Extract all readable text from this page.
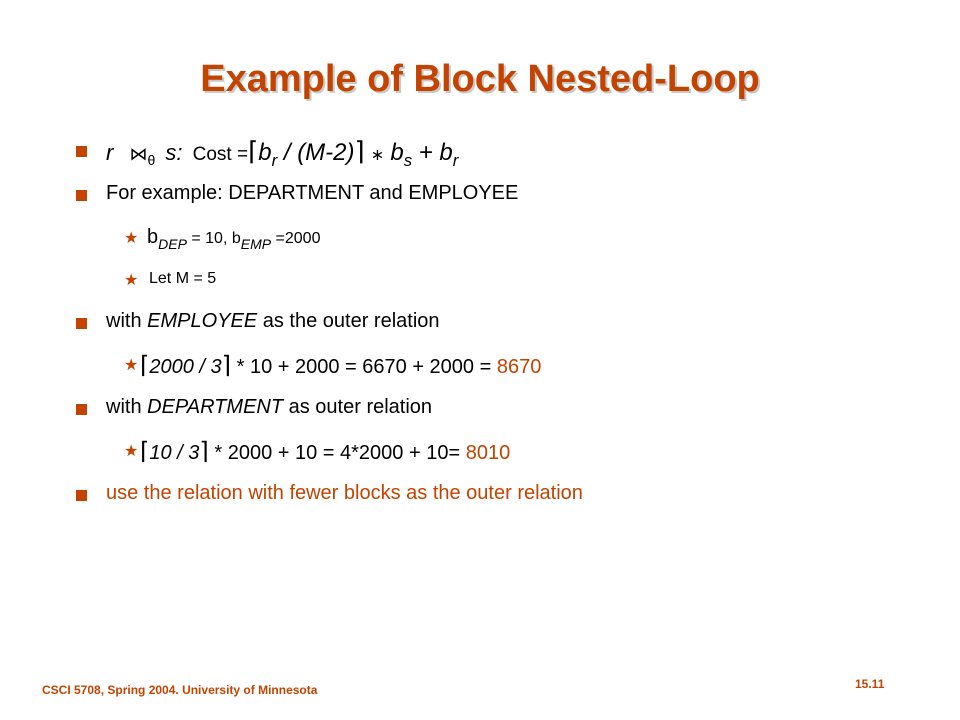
Example of Block Nested-Loop
r $⋈_\theta$ s: Cost $=⌈b_r$ / (M-2)⌉ ∗ $b_s + b_r$
For example: DEPARTMENT and EMPLOYEE
★ $b_{DEP} = 10$, $b_{EMP} =2000$
★ Let M = 5
with EMPLOYEE as the outer relation
★ ⌈2000 / 3⌉ * 10 + 2000 = 6670 + 2000 = 8670
with DEPARTMENT as outer relation
★ ⌈10 / 3⌉ * 2000 + 10 = 4*2000 + 10= 8010
use the relation with fewer blocks as the outer relation
CSCI 5708, Spring 2004. University of Minnesota	15.11
